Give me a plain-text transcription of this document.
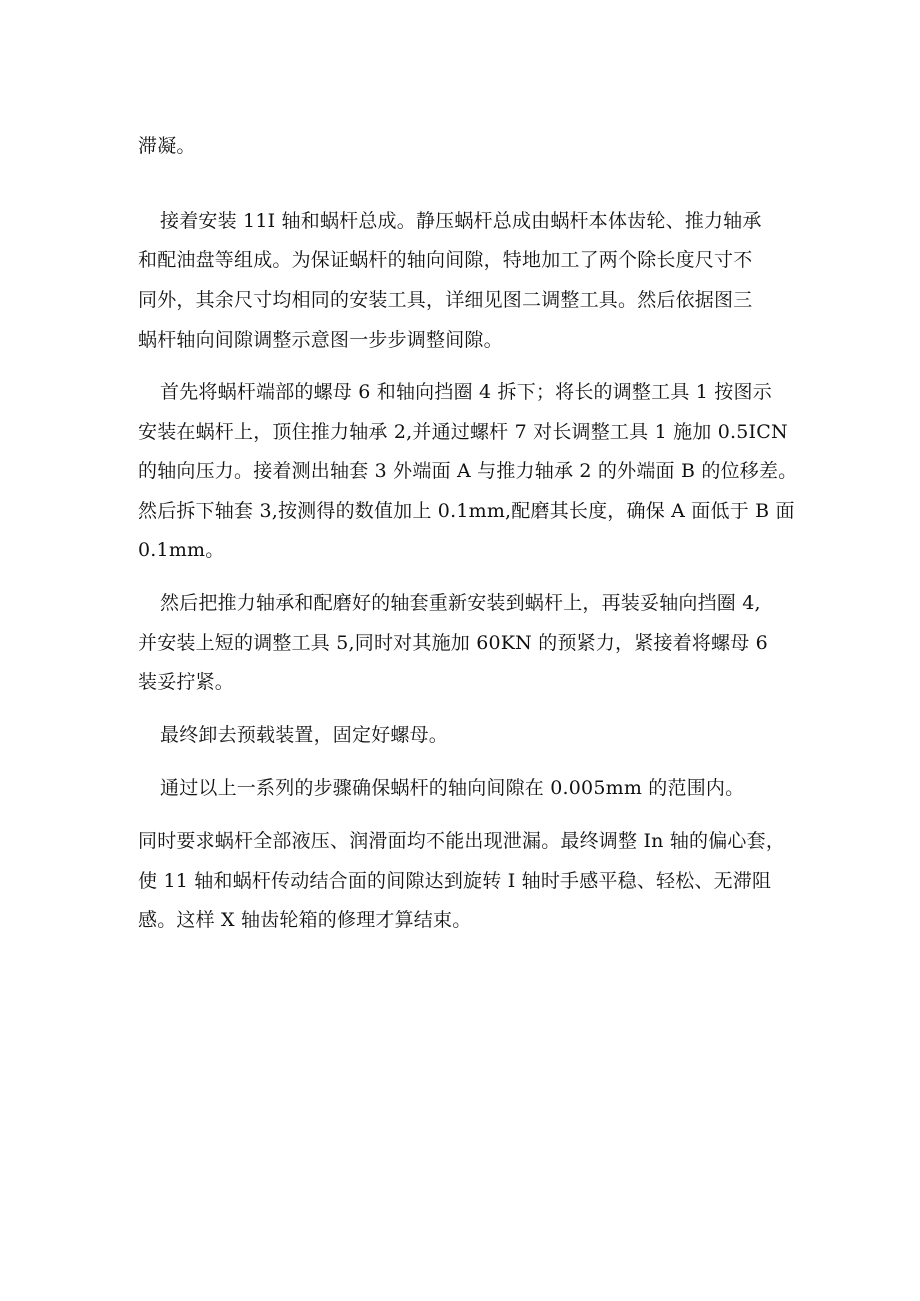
滞凝。

接着安装 11I 轴和蜗杆总成。静压蜗杆总成由蜗杆本体齿轮、推力轴承

和配油盘等组成。为保证蜗杆的轴向间隙，特地加工了两个除长度尺寸不

同外，其余尺寸均相同的安装工具，详细见图二调整工具。然后依据图三

蜗杆轴向间隙调整示意图一步步调整间隙。

首先将蜗杆端部的螺母 6 和轴向挡圈 4 拆下；将长的调整工具 1 按图示

安装在蜗杆上，顶住推力轴承 2,并通过螺杆 7 对长调整工具 1 施加 0.5ICN

的轴向压力。接着测出轴套 3 外端面 A 与推力轴承 2 的外端面 B 的位移差。

然后拆下轴套 3,按测得的数值加上 0.1mm,配磨其长度，确保 A 面低于 B 面

0.1mm。

然后把推力轴承和配磨好的轴套重新安装到蜗杆上，再装妥轴向挡圈 4,

并安装上短的调整工具 5,同时对其施加 60KN 的预紧力，紧接着将螺母 6

装妥拧紧。

最终卸去预载装置，固定好螺母。

通过以上一系列的步骤确保蜗杆的轴向间隙在 0.005mm 的范围内。

同时要求蜗杆全部液压、润滑面均不能出现泄漏。最终调整 In 轴的偏心套，

使 11 轴和蜗杆传动结合面的间隙达到旋转 I 轴时手感平稳、轻松、无滞阻

感。这样 X 轴齿轮箱的修理才算结束。
